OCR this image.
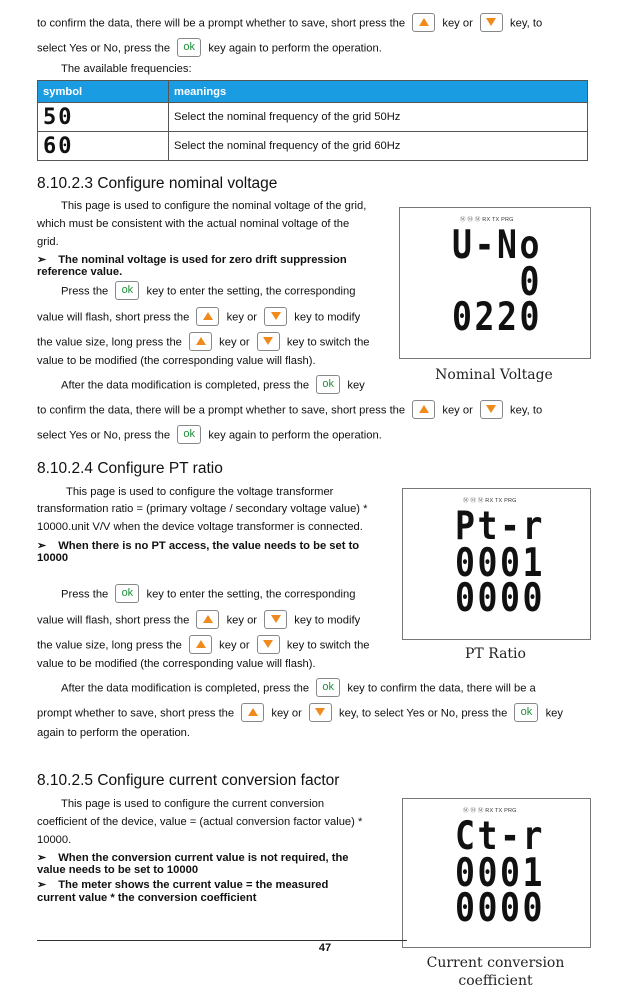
to confirm the data, there will be a prompt whether to save, short press the	key or	key, to
select Yes or No, press the ok key again to perform the operation.
The available frequencies:
symbol	meanings
50	Select the nominal frequency of the grid 50Hz
60	Select the nominal frequency of the grid 60Hz
8.10.2.3 Configure nominal voltage
This page is used to configure the nominal voltage of the grid,
which must be consistent with the actual nominal voltage of the
grid.
➢ The nominal voltage is used for zero drift suppression
reference value.
Press the ok key to enter the setting, the corresponding
value will flash, short press the	key or	key to modify
the value size, long press the	key or	key to switch the
value to be modified (the corresponding value will flash).
After the data modification is completed, press the ok key
to confirm the data, there will be a prompt whether to save, short press the	key or	key, to
select Yes or No, press the ok key again to perform the operation.
Ⓜ Ⓜ Ⓜ RX TX PRG
U-No
0
0220
Nominal Voltage
8.10.2.4 Configure PT ratio
This page is used to configure the voltage transformer
transformation ratio = (primary voltage / secondary voltage value) *
10000.unit V/V when the device voltage transformer is connected.
➢ When there is no PT access, the value needs to be set to
10000
Press the ok key to enter the setting, the corresponding
value will flash, short press the	key or	key to modify
the value size, long press the	key or	key to switch the
value to be modified (the corresponding value will flash).
After the data modification is completed, press the ok key to confirm the data, there will be a
prompt whether to save, short press the	key or	key, to select Yes or No, press the ok key
again to perform the operation.
Ⓜ Ⓜ Ⓜ RX TX PRG
Pt-r
0001
0000
PT Ratio
8.10.2.5 Configure current conversion factor
This page is used to configure the current conversion
coefficient of the device, value = (actual conversion factor value) *
10000.
➢ When the conversion current value is not required, the
value needs to be set to 10000
➢ The meter shows the current value = the measured
current value * the conversion coefficient
Ⓜ Ⓜ Ⓜ RX TX PRG
Ct-r
0001
0000
Current conversion
coefficient
47
